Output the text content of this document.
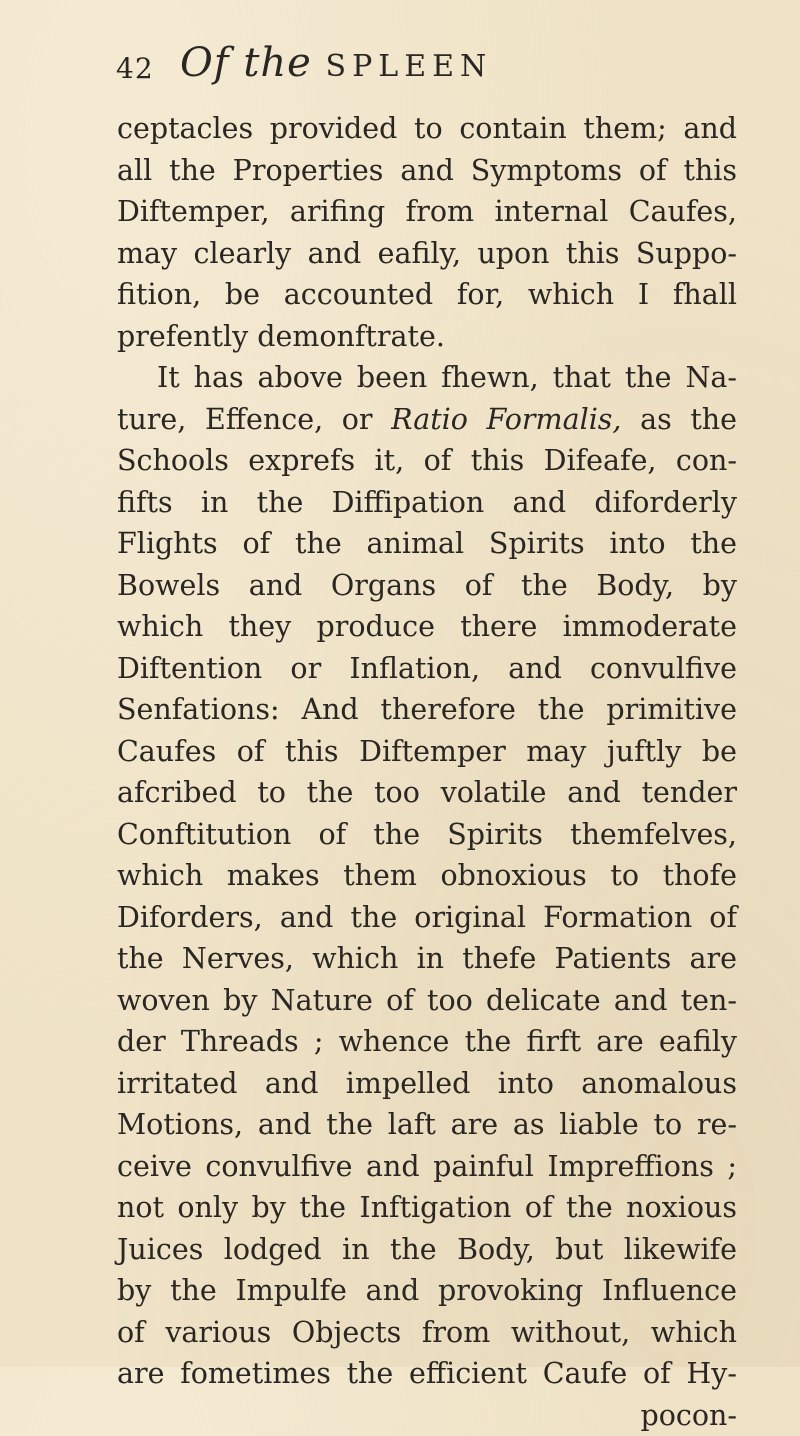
42 Of the SPLEEN
ceptacles provided to contain them; and
all the Properties and Symptoms of this
Diftemper, arifing from internal Caufes,
may clearly and eafily, upon this Suppo-
fition, be accounted for, which I fhall
prefently demonftrate.
It has above been fhewn, that the Na-
ture, Effence, or Ratio Formalis, as the
Schools exprefs it, of this Difeafe, con-
fifts in the Diffipation and diforderly
Flights of the animal Spirits into the
Bowels and Organs of the Body, by
which they produce there immoderate
Diftention or Inflation, and convulfive
Senfations: And therefore the primitive
Caufes of this Diftemper may juftly be
afcribed to the too volatile and tender
Conftitution of the Spirits themfelves,
which makes them obnoxious to thofe
Diforders, and the original Formation of
the Nerves, which in thefe Patients are
woven by Nature of too delicate and ten-
der Threads ; whence the firft are eafily
irritated and impelled into anomalous
Motions, and the laft are as liable to re-
ceive convulfive and painful Impreffions ;
not only by the Inftigation of the noxious
Juices lodged in the Body, but likewife
by the Impulfe and provoking Influence
of various Objects from without, which
are fometimes the efficient Caufe of Hy-
pocon-
